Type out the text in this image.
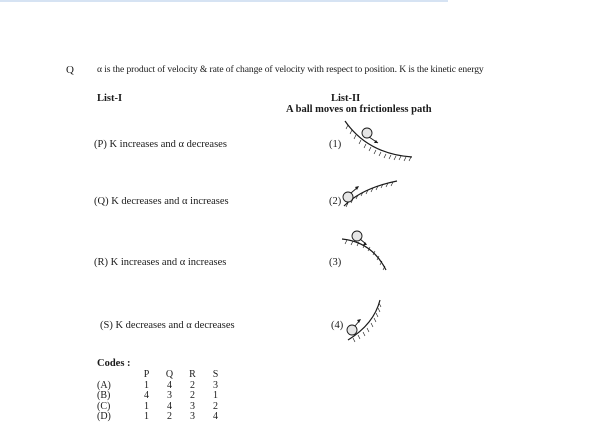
Q α is the product of velocity & rate of change of velocity with respect to position. K is the kinetic energy
List-I	List-II
A ball moves on frictionless path
(P) K increases and α decreases
(Q) K decreases and α increases
(R) K increases and α increases
(S) K decreases and α decreases
(1)
(2)
(3)
(4)
Codes :
	P	Q	R	S
(A)	1	4	2	3
(B)	4	3	2	1
(C)	1	4	3	2
(D)	1	2	3	4
